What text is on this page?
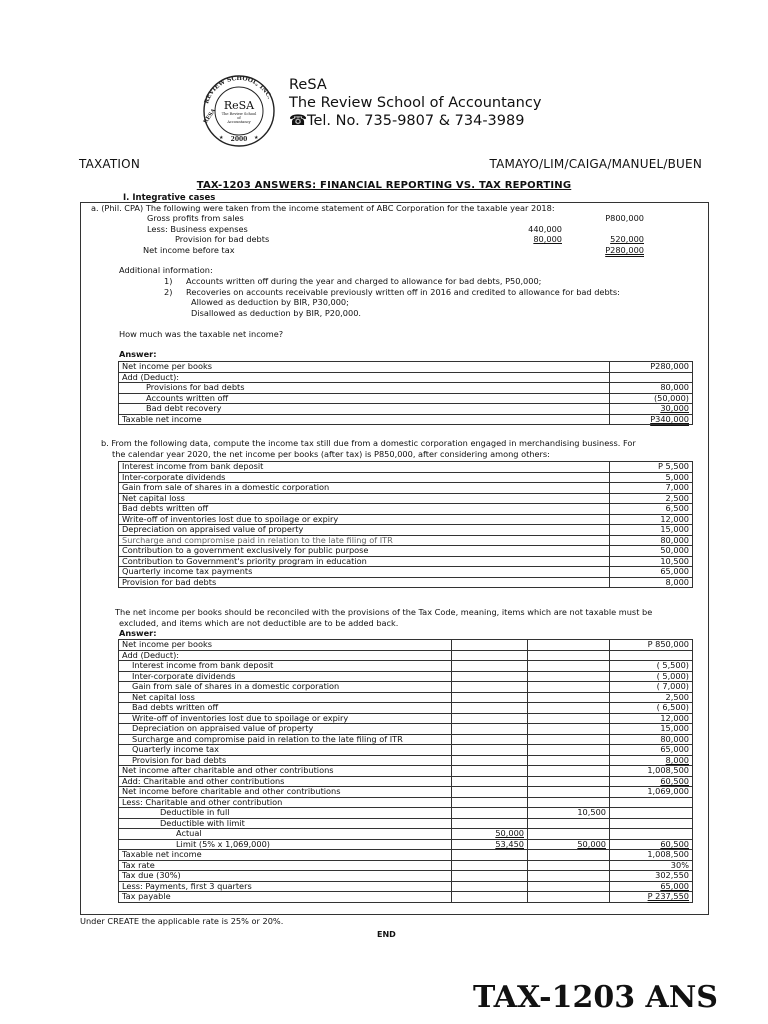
REVIEW SCHOOL, INC.
RESA
ReSA
The Review School
of
Accountancy
2000
★	★
ReSA
The Review School of Accountancy
☎Tel. No. 735-9807 & 734-3989
TAXATION	TAMAYO/LIM/CAIGA/MANUEL/BUEN
TAX-1203 ANSWERS: FINANCIAL REPORTING VS. TAX REPORTING
I. Integrative cases
a. (Phil. CPA) The following were taken from the income statement of ABC Corporation for the taxable year 2018:
Gross profits from sales	P800,000
Less: Business expenses	440,000
Provision for bad debts	80,000	520,000
Net income before tax	P280,000
Additional information:
1) Accounts written off during the year and charged to allowance for bad debts, P50,000;
2) Recoveries on accounts receivable previously written off in 2016 and credited to allowance for bad debts:
Allowed as deduction by BIR, P30,000;
Disallowed as deduction by BIR, P20,000.
How much was the taxable net income?
Answer:
Net income per books	P280,000
Add (Deduct):	
Provisions for bad debts	80,000
Accounts written off	(50,000)
Bad debt recovery	30,000
Taxable net income	P340,000
b. From the following data, compute the income tax still due from a domestic corporation engaged in merchandising business. For
the calendar year 2020, the net income per books (after tax) is P850,000, after considering among others:
Interest income from bank deposit	P 5,500
Inter-corporate dividends	5,000
Gain from sale of shares in a domestic corporation	7,000
Net capital loss	2,500
Bad debts written off	6,500
Write-off of inventories lost due to spoilage or expiry	12,000
Depreciation on appraised value of property	15,000
Surcharge and compromise paid in relation to the late filing of ITR	80,000
Contribution to a government exclusively for public purpose	50,000
Contribution to Government's priority program in education	10,500
Quarterly income tax payments	65,000
Provision for bad debts	8,000
The net income per books should be reconciled with the provisions of the Tax Code, meaning, items which are not taxable must be
excluded, and items which are not deductible are to be added back.
Answer:
Net income per books			P 850,000
Add (Deduct):			
Interest income from bank deposit			( 5,500)
Inter-corporate dividends			( 5,000)
Gain from sale of shares in a domestic corporation			( 7,000)
Net capital loss			2,500
Bad debts written off			( 6,500)
Write-off of inventories lost due to spoilage or expiry			12,000
Depreciation on appraised value of property			15,000
Surcharge and compromise paid in relation to the late filing of ITR			80,000
Quarterly income tax			65,000
Provision for bad debts			8,000
Net income after charitable and other contributions			1,008,500
Add: Charitable and other contributions			60,500
Net income before charitable and other contributions			1,069,000
Less: Charitable and other contribution			
Deductible in full		10,500	
Deductible with limit			
Actual	50,000		
Limit (5% x 1,069,000)	53,450	50,000	60,500
Taxable net income			1,008,500
Tax rate			30%
Tax due (30%)			302,550
Less: Payments, first 3 quarters			65,000
Tax payable			P 237,550
Under CREATE the applicable rate is 25% or 20%.
END
TAX-1203 ANS
